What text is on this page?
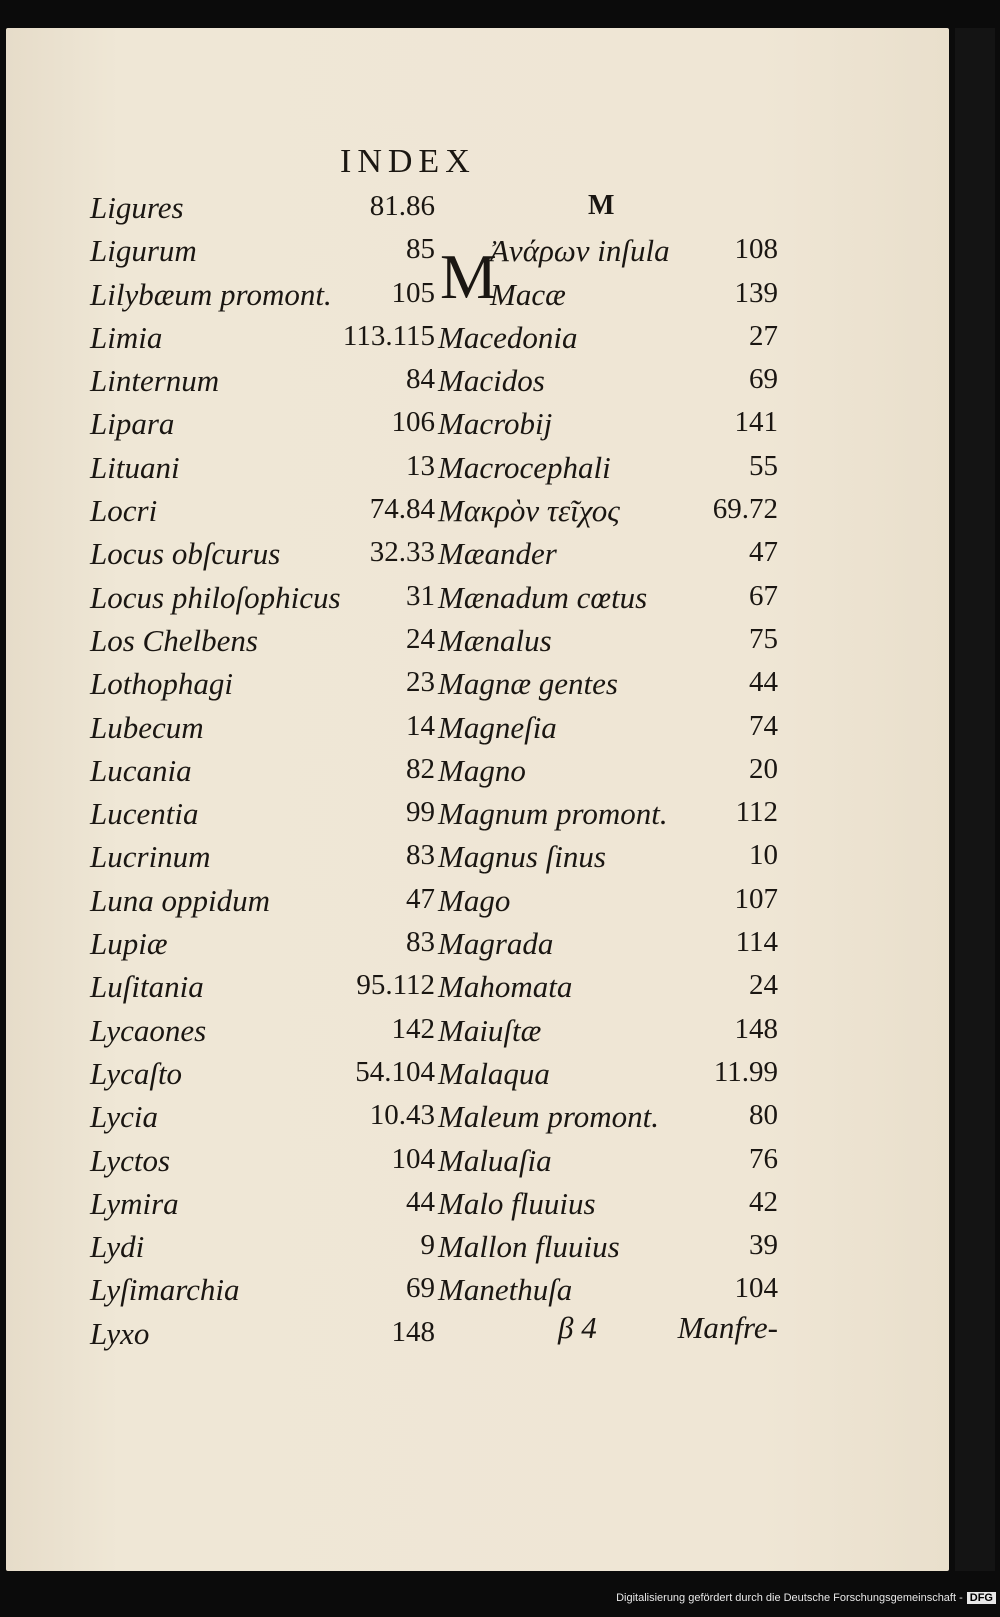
INDEX
M
M
Ligures	81.86
Ligurum	85
Lilybæum promont. 105
Limia	113.115
Linternum	84
Lipara	106
Lituani	13
Locri	74.84
Locus obſcurus	32.33
Locus philoſophicus 31
Los Chelbens	24
Lothophagi	23
Lubecum	14
Lucania	82
Lucentia	99
Lucrinum	83
Luna oppidum	47
Lupiæ	83
Luſitania	95.112
Lycaones	142
Lycaſto	54.104
Lycia	10.43
Lyctos	104
Lymira	44
Lydi	9
Lyſimarchia	69
Lyxo	148
Ἀνάρων inſula 108
Macæ	139
Macedonia	27
Macidos	69
Macrobij	141
Macrocephali	55
Μακρὸν τεῖχος	69.72
Mæander	47
Mænadum cœtus	67
Mænalus	75
Magnæ gentes	44
Magneſia	74
Magno	20
Magnum promont. 112
Magnus ſinus	10
Mago	107
Magrada	114
Mahomata	24
Maiuſtæ	148
Malaqua	11.99
Maleum promont.	80
Maluaſia	76
Malo fluuius	42
Mallon fluuius	39
Manethuſa	104
β 4	Manfre-
Digitalisierung gefördert durch die Deutsche Forschungsgemeinschaft - DFG
